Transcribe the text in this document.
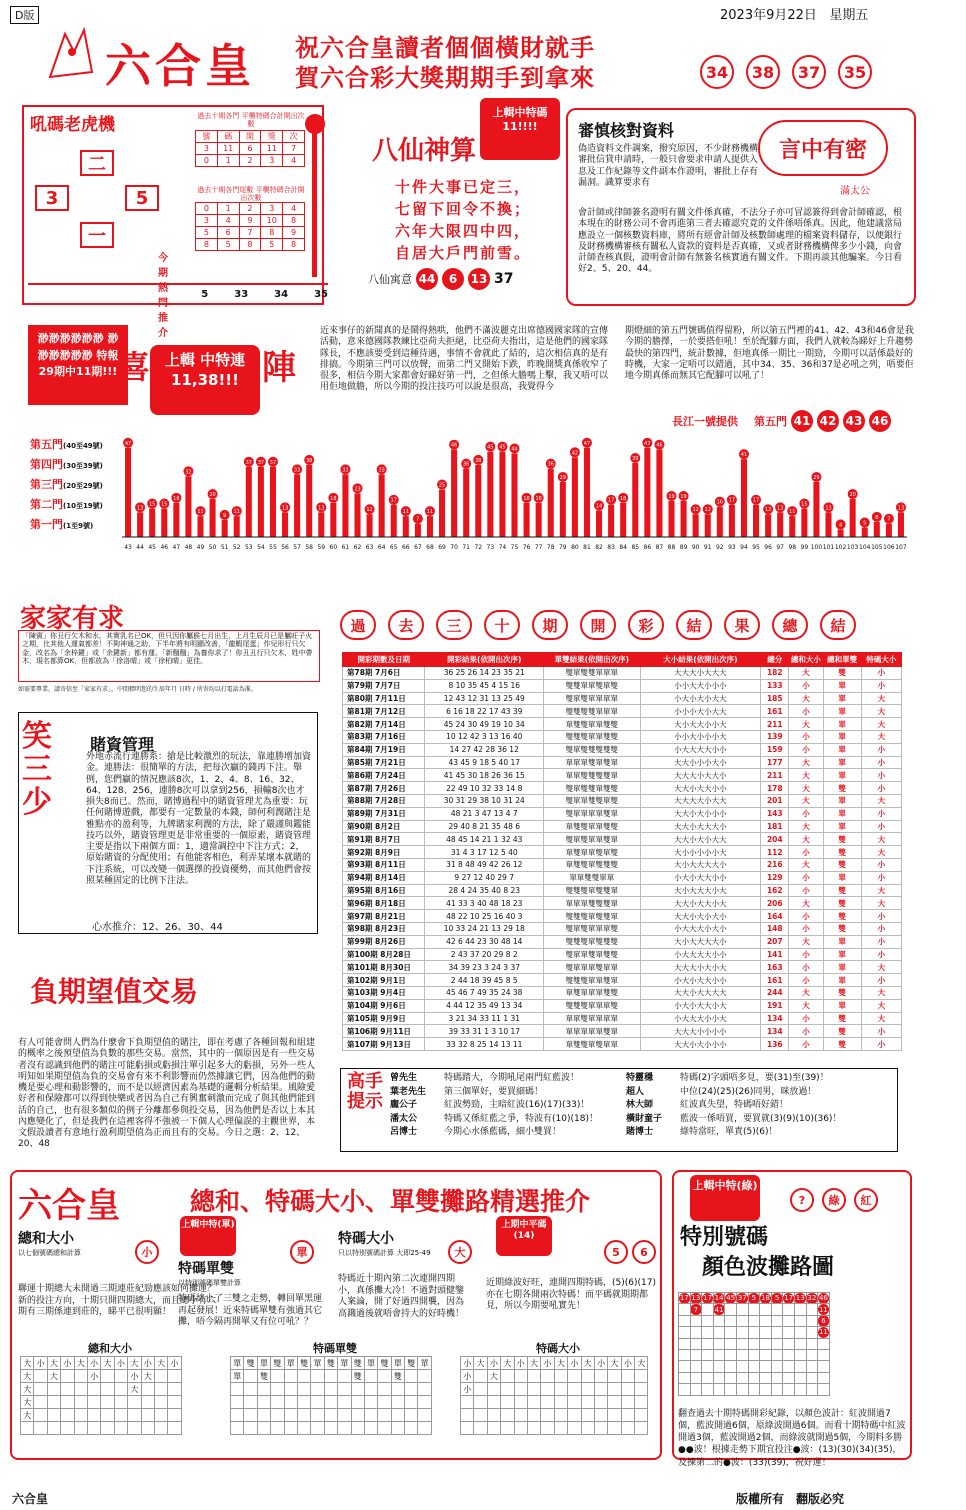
D版	2023年9月22日 星期五
六合皇 祝六合皇讀者個個橫財就手
賀六合彩大獎期期手到拿來	34	38	37	35
吼碼老虎機
二
3	5
一
過去十期各門 平襲特碼合計開出次數
號	碼	開	獎	次
3	11	6	11	7
0	1	2	3	4
過去十期各門尾數 平襲特碼合計開出次數
0	1	2	3	4
3	4	9	10	8
5	6	7	8	9
8	5	8	5	8
今期熱門推介
5	33	34	35
八仙神算
上輯中特碼11!!!!
十件大事已定三，
七留下回令不換；
六年大限四中四，
自居大戶門前雪。
八仙寓意 44	6	13 37
審慎核對資料
偽造資料文件調案，撥究原因，不少財務機構審批信貸申請時，一般只會要求申請人提供入息及工作紀錄等文件副本作證明，審批上存有漏洞。識算要求有
會計師或律師簽名證明有關文件係真確，不法分子亦可冒認簽得到會計師確認，根本現在的財務公司不會再進第三者去確認究竟的文件係唔係真。因此，他建議當局應設立一個核數資料庫，將所有經會計師及核數師處理的檔案資料儲存，以便銀行及財務機構審核有關私人資款的資料是否真確，又或者財務機構俾多少小錢，向會計師查核真假，證明會計師有無簽名核實過有關文件。下期再談其他騙案。今日看好2、5、20、44。
言中有密
滿太公
渺渺渺渺渺渺 渺渺渺渺渺渺 特報29期中11期!!! 喜 上輯 中特連 11,38!!! 陣
近來事仔的新聞真的是鬧得熱哄，他們不滿波麗克出席德國國家隊的宣傳活動，意來德國隊教練比亞荷夫拒絕，比亞荷夫指出，這是他們的國家隊隊長，不應該要受到這種待遇，事情不會就此了結的，這次相信真的是有排搞。今期第三門可以放聲，而第二門又開始下跌，昨晚開獎真係收窄了很多，相信今期大家都會好睇好第一門，之但係大膽嗎上擊，我又唔可以用佢地做膽，所以今期的投注技巧可以說是很高，我覺得今
期燈細的第五門號碼值得留粉，所以第五門裡的41、42、43和46會是我今期的膽擇，一於要搭佢吼！至於配腳方面，我們人就較為睇好上升趨勢最快的第四門，統計數據，佢地真係一期比一期勁，今期可以話係最好的時機，大家一定唔可以錯過，其中34、35、36和37是必吼之列，唔要佢地今期真係而無其它配腳可以吼了！
長江一號提供 第五門 41 42 43 46
47
43
13
44
15
45
15
46
18
47
32
48
11
49
20
50
9
51
11
52
37
53
37
54
37
55
13
56
33
57
38
58
13
59
18
60
33
61
23
62
12
63
33
64
17
65
11
66
7
67
11
68
25
69
46
70
36
71
38
72
45
73
45
74
44
75
18
76
18
77
36
78
29
79
42
80
47
81
14
82
17
83
18
84
39
85
47
86
46
87
19
88
19
89
12
90
12
91
16
92
17
93
41
94
17
95
12
96
13
97
11
98
15
99
29
100
13
101
4
102
20
103
5
104
8
105
7
106
13
107
第五門(40至49號)
第四門(30至39號)
第三門(20至29號)
第二門(10至19號)
第一門(1至9號)
家家有求
「陳賓」你丑行欠木和水，其實乳名已OK，但只因你屬猴七月出生，上月生辰月已是屬旺子火之期，比其他人運氣都差！不夠神通之助，下半年將有明顯改善，「龍蝦尾蛋」作兒形行只欠金，改名為「余梓鍵」或「余鍵新」都有運。「新翹翹」為養你求了！你丑丑行只欠木，姓中帶木，現名都算OK，但都放為「徐洛晴」或「徐柏晴」更佳。
如需要專業，請寄信至「家家有求」，中間標明您的生辰年月 日時 / 所寄均以打電話為准。
笑三少
賭資管理
外地赤流行連勝系：搶是比較激烈的玩法，靠連勝增加資金。連勝法：很簡單的方法，把每次贏的錢再下注。舉例，您們贏的情況應該8次，1、2、4、8、16、32、64、128、256，連勝8次可以拿到256，損輸8次也才損失8而已。然而，賭博過程中的賭資管理尤為重要：玩任何賭博遊戲，都要有一定數量的本錢，師何利潤賭注是雅點亦的盈利等，九牌賭家利潤的方法，除了嚴謹與鑑能技巧以外，賭資管理更是非常重要的一個原素，賭資管理主要是指以下兩個方面：1，適當調控中下注方式；2，原始賭資的分配使用；有他能客相色，利弄某壞本就賭的下注系統，可以改變一個選擇的投資優勢，而其他們會按照某種固定的比例下注法。
心水推介：12、26、30、44
負期望值交易
有人可能會問人們為什麼會下負期望值的賭注，即在考慮了各種回報和組建的概率之後預望值為負數的那些交易。當然，其中的一個原因是有一些交易者沒有認識到他們的賭注可能虧損或虧損注單引起多大的虧損，另外一些人明知如果期望值為負的交易會有來不利影響而仍然據讓它們，因為他們的動機是要心理和動影響的，而不是以經濟因素為基礎的邏輯分析結果。風險愛好者和保險都可以得到快樂或者因為自己有興奮刺激而完成了與其他們能到活的自己，也有很多類似的例子分離都參與投交易，因為他們是否以上本其內應變化了，但是我們在這裡客得不強被一下個人心理偏誤的主觀世界，本文假設讀者有意地行盈利期望值為正而且有的交易。今日之選：2、12、20、48
過	去	三	十	期	開	彩	結	果	總	結
開彩期數及日期	開彩結果(依開出次序)	單雙結果(依開出次序)	大小結果(依開出次序)	總分	總和大小	總和單雙	特碼大小
第78期 7月6日	36 25 26 14 23 35 21	雙單雙雙單單單	大大大小大大大	182	大	雙	小
第79期 7月7日	8 10 35 45 4 15 16	雙雙單單雙單雙	小小大大小小小	133	小	單	小
第80期 7月11日	12 43 12 31 13 25 49	雙單雙單單單單	小大小大小大大	185	大	單	大
第81期 7月12日	6 16 18 22 17 43 39	雙雙雙雙單單單	小小小大小大大	161	小	單	大
第82期 7月14日	45 24 30 49 19 10 34	單雙雙單單雙雙	大小大大小小大	211	大	單	大
第83期 7月16日	10 12 42 3 13 16 40	雙雙雙單單雙雙	小小大小小小大	139	小	單	大
第84期 7月19日	14 27 42 28 36 12	雙單雙雙雙雙雙	小大大大大小小	159	小	單	小
第85期 7月21日	43 45 9 18 5 40 17	單單單雙單雙單	大大小小小大小	177	大	單	小
第86期 7月24日	41 45 30 18 26 36 15	單單雙雙雙雙單	大大大小大大小	211	大	單	小
第87期 7月26日	22 49 10 32 33 14 8	雙單雙雙單雙雙	大大小大大小小	178	大	雙	小
第88期 7月28日	30 31 29 38 10 31 24	雙單單雙雙單雙	大大大大小大大	201	大	單	大
第89期 7月31日	48 21 3 47 13 4 7	雙單單單單雙單	大大小大小小小	143	小	單	小
第90期 8月2日	29 40 8 21 35 48 6	單雙雙單單雙雙	大大小大大大小	181	大	單	小
第91期 8月7日	48 45 14 21 1 32 43	雙單雙單單雙單	大大小大小大大	204	大	雙	大
第92期 8月9日	31 4 3 17 12 5 40	單雙單單雙單雙	大小小小小小大	112	小	雙	大
第93期 8月11日	31 8 48 49 42 26 12	單雙雙單雙雙雙	大小大大大大小	216	大	雙	小
第94期 8月14日	9 27 12 40 29 7	單單雙雙單單	小大小大大小小	129	小	單	小
第95期 8月16日	28 4 24 35 40 8 23	雙雙雙單雙雙單	大小大大大小大	162	小	雙	大
第96期 8月18日	41 33 3 40 48 18 23	單單單雙雙雙單	大大小大大小大	206	大	雙	大
第97期 8月21日	48 22 10 25 16 40 3	雙雙雙單雙雙單	大大小大小大小	164	小	雙	小
第98期 8月23日	10 33 24 21 13 29 18	雙單雙單單單雙	小大大大小大小	148	小	雙	小
第99期 8月26日	42 6 44 23 30 48 14	雙雙雙單雙雙雙	大小大大大大小	207	大	單	小
第100期 8月28日	2 43 37 20 29 8 2	雙單單雙單雙雙	小大大大大小小	141	小	單	小
第101期 8月30日	34 39 23 3 24 3 37	雙單單單雙單單	大大大小大小大	163	小	單	大
第102期 9月1日	2 44 18 39 45 8 5	雙雙雙單單雙單	小大小大大小小	161	小	單	小
第103期 9月4日	45 46 7 49 35 24 38	單雙單單單雙雙	大大小大大大大	244	大	雙	大
第104期 9月6日	4 44 12 35 49 13 34	雙雙雙單單單雙	小大小大大小大	191	大	單	大
第105期 9月9日	3 21 34 33 11 1 31	單單雙單單單單	小大大大小小大	134	小	雙	大
第106期 9月11日	39 33 31 1 3 10 17	單單單單單雙單	大大大小小小小	134	小	雙	小
第107期 9月13日	33 32 8 25 14 13 11	單雙雙單雙單單	大大小大小小小	136	小	雙	小
高手提示
曾先生	特碼踏大，今期吼尾兩門紅藍波！
葉老先生	第三個單好，要買細碼！
龐公子	紅波勢勁，主暗紅波(16)(17)(33)！
潘太公	特碼又係紅藍之爭，特波有(10)(18)！
呂博士	今期心水係藍碼，細小雙買！
特靈穩	特碼(2)字頭唔多見，要(31)至(39)！
超人	中位(24)(25)(26)同男，咪放過！
林大師	紅波真失望，特碼唔好錯！
橫財童子	藍波一係唔買，要買就(3)(9)(10)(36)！
賭博士	綠特當旺，單責(5)(6)！
六合皇	總和、特碼大小、單雙攤路精選推介
總和大小
以七個號碼總和計算
聯運十期總大未開過三期連莊紀勁應該如何攤運？新的投注方向，十期只開四期總大，而且總小有六期有三期係連到莊的，睇平已很明顯！
小
上輯中特(單)
特碼單雙
以特別號碼單雙計算
特碼終止了三雙之走勢，轉回單黑運再起發展！近來特碼單雙有強過其它攤，唔今隔再開單又有位可吼？？
單
特碼大小
只以特別號碼計算 大即25-49
特碼近十期內第二次連開四期小，真係攤大冷！不過對頭健鑒人案論，開了好過四開襲，因為高濺過後就唔會持大的好時機！
大
上期中平碼(14)
5	6
近期綠波好旺，連開四期特碼，(5)(6)(17)亦在七期各開兩次特碼！而平碼就期期都見，所以今期要吼實先！
總和大小
大	小	大	小	大	小	大	小	大	小	大	小
大		大			小			小	大		
大								大			
大											
大											

特碼單雙
單	雙	單	雙	單	雙	單	雙	單	雙	單	雙	單	雙	單
單		雙							雙			雙		

特碼大小
小	大	小	大	小	大	小	大	小	大	小	大	小	大
小		大											
小													

上輯中特(綠)
?	綠	紅
特別號碼
顏色波攤路圖
17	13	17	14	45	37	5	18	5	17	13	32	46
	7		41									11
												6
												11

翻查過去十期特碼開彩紀錄，以顏色波計：紅波開過7個，藍波開過6個，原綠波開過6個。而看十期特碼中紅波開過3個，藍波開過2個，而綠波就開過5個，今期料多勝●●波！根據走勢下期宜投注●波：(13)(30)(34)(35)，及揀第二的●波：(33)(39)，祝好運！
六合皇	版權所有　翻版必究
